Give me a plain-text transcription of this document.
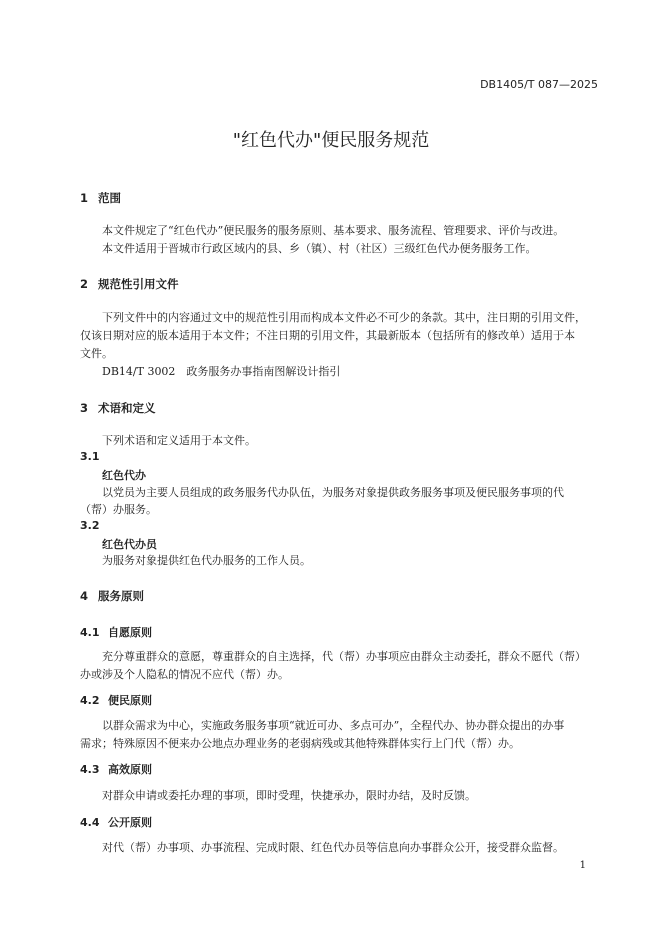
DB1405/T 087—2025
"红色代办"便民服务规范
1 范围
本文件规定了“红色代办”便民服务的服务原则、基本要求、服务流程、管理要求、评价与改进。
本文件适用于晋城市行政区域内的县、乡（镇）、村（社区）三级红色代办便务服务工作。
2 规范性引用文件
下列文件中的内容通过文中的规范性引用而构成本文件必不可少的条款。其中，注日期的引用文件，
仅该日期对应的版本适用于本文件；不注日期的引用文件，其最新版本（包括所有的修改单）适用于本
文件。
DB14/T 3002　政务服务办事指南图解设计指引
3 术语和定义
下列术语和定义适用于本文件。
3.1
红色代办
以党员为主要人员组成的政务服务代办队伍，为服务对象提供政务服务事项及便民服务事项的代
（帮）办服务。
3.2
红色代办员
为服务对象提供红色代办服务的工作人员。
4 服务原则
4.1 自愿原则
充分尊重群众的意愿，尊重群众的自主选择，代（帮）办事项应由群众主动委托，群众不愿代（帮）
办或涉及个人隐私的情况不应代（帮）办。
4.2 便民原则
以群众需求为中心，实施政务服务事项“就近可办、多点可办”，全程代办、协办群众提出的办事
需求；特殊原因不便来办公地点办理业务的老弱病残或其他特殊群体实行上门代（帮）办。
4.3 高效原则
对群众申请或委托办理的事项，即时受理，快捷承办，限时办结，及时反馈。
4.4 公开原则
对代（帮）办事项、办事流程、完成时限、红色代办员等信息向办事群众公开，接受群众监督。
1
